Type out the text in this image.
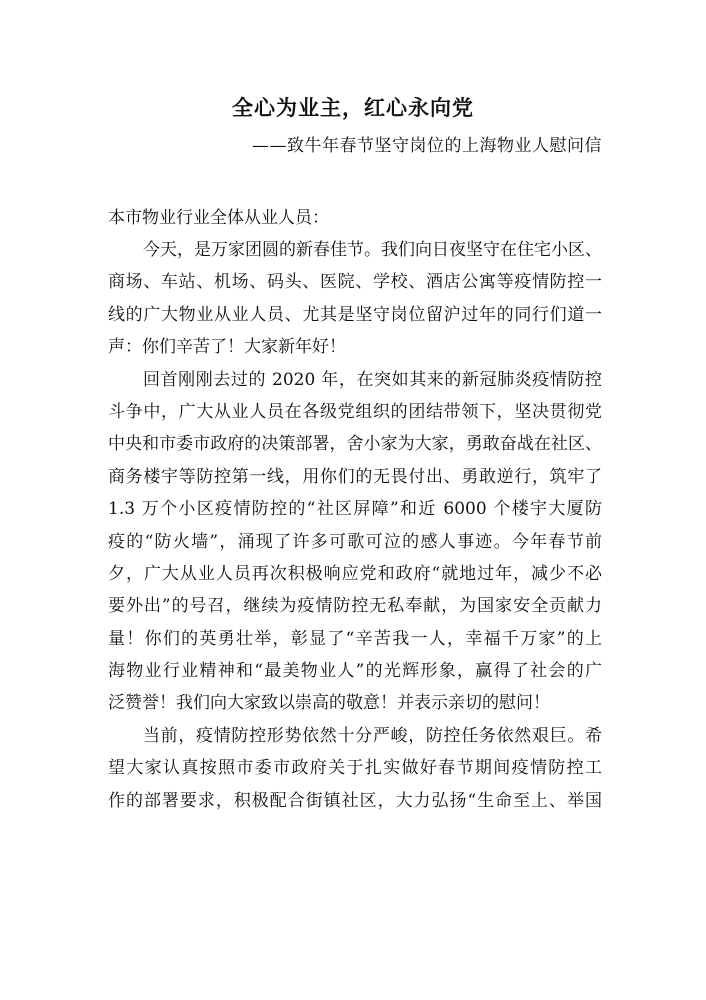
全心为业主，红心永向党

——致牛年春节坚守岗位的上海物业人慰问信

本市物业行业全体从业人员：

今天，是万家团圆的新春佳节。我们向日夜坚守在住宅小区、
商场、车站、机场、码头、医院、学校、酒店公寓等疫情防控一
线的广大物业从业人员、尤其是坚守岗位留沪过年的同行们道一
声：你们辛苦了！大家新年好！
回首刚刚去过的 2020 年，在突如其来的新冠肺炎疫情防控
斗争中，广大从业人员在各级党组织的团结带领下，坚决贯彻党
中央和市委市政府的决策部署，舍小家为大家，勇敢奋战在社区、
商务楼宇等防控第一线，用你们的无畏付出、勇敢逆行，筑牢了
1.3 万个小区疫情防控的“社区屏障”和近 6000 个楼宇大厦防
疫的“防火墙”，涌现了许多可歌可泣的感人事迹。今年春节前
夕，广大从业人员再次积极响应党和政府“就地过年，减少不必
要外出”的号召，继续为疫情防控无私奉献，为国家安全贡献力
量！你们的英勇壮举，彰显了“辛苦我一人，幸福千万家”的上
海物业行业精神和“最美物业人”的光辉形象，赢得了社会的广
泛赞誉！我们向大家致以崇高的敬意！并表示亲切的慰问！
当前，疫情防控形势依然十分严峻，防控任务依然艰巨。希
望大家认真按照市委市政府关于扎实做好春节期间疫情防控工
作的部署要求，积极配合街镇社区，大力弘扬“生命至上、举国
